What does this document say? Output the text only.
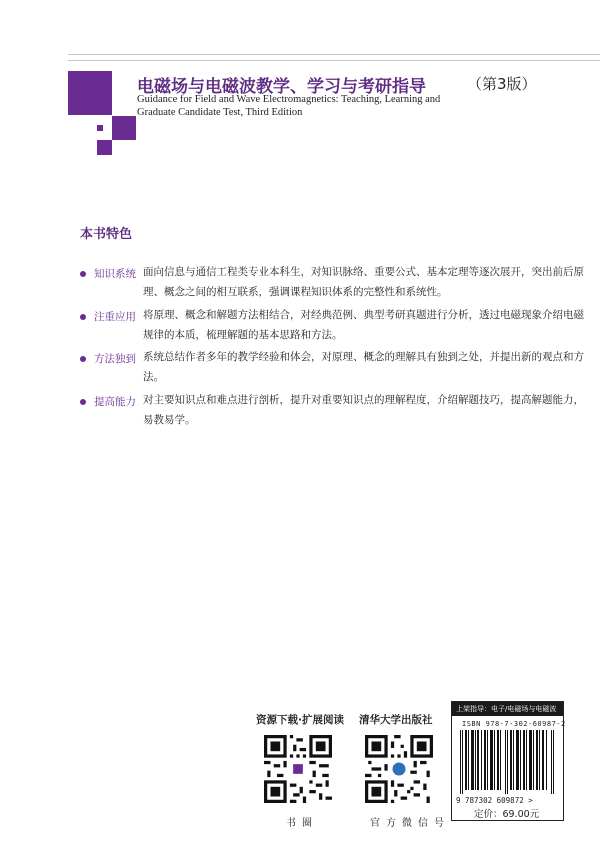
电磁场与电磁波教学、学习与考研指导	（第3版）
Guidance for Field and Wave Electromagnetics: Teaching, Learning and Graduate Candidate Test, Third Edition
本书特色
知识系统 面向信息与通信工程类专业本科生，对知识脉络、重要公式、基本定理等逐次展开，突出前后原理、概念之间的相互联系，强调课程知识体系的完整性和系统性。
注重应用 将原理、概念和解题方法相结合，对经典范例、典型考研真题进行分析，透过电磁现象介绍电磁规律的本质，梳理解题的基本思路和方法。
方法独到 系统总结作者多年的教学经验和体会，对原理、概念的理解具有独到之处，并提出新的观点和方法。
提高能力 对主要知识点和难点进行剖析，提升对重要知识点的理解程度，介绍解题技巧，提高解题能力，易教易学。
资源下载·扩展阅读
书圈
清华大学出版社
官方微信号
上架指导：电子/电磁场与电磁波
ISBN 978-7-302-60987-2
9 787302 609872 >
定价：69.00元
